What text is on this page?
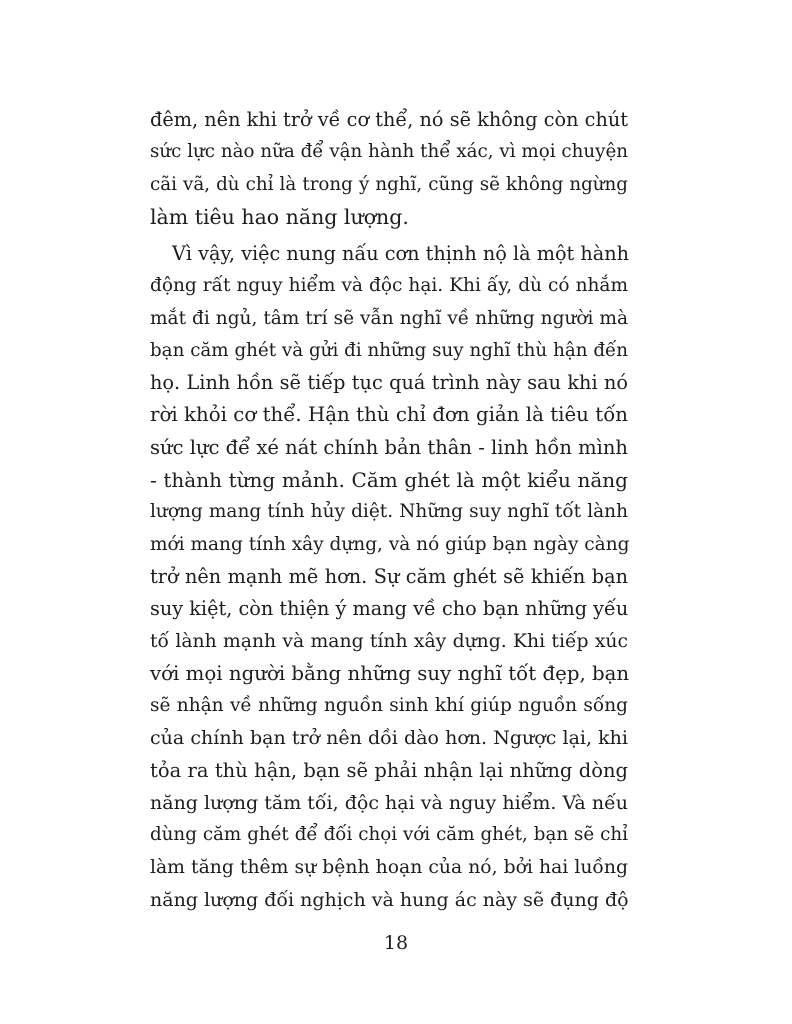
đêm, nên khi trở về cơ thể, nó sẽ không còn chút
sức lực nào nữa để vận hành thể xác, vì mọi chuyện
cãi vã, dù chỉ là trong ý nghĩ, cũng sẽ không ngừng
làm tiêu hao năng lượng.
Vì vậy, việc nung nấu cơn thịnh nộ là một hành
động rất nguy hiểm và độc hại. Khi ấy, dù có nhắm
mắt đi ngủ, tâm trí sẽ vẫn nghĩ về những người mà
bạn căm ghét và gửi đi những suy nghĩ thù hận đến
họ. Linh hồn sẽ tiếp tục quá trình này sau khi nó
rời khỏi cơ thể. Hận thù chỉ đơn giản là tiêu tốn
sức lực để xé nát chính bản thân - linh hồn mình
- thành từng mảnh. Căm ghét là một kiểu năng
lượng mang tính hủy diệt. Những suy nghĩ tốt lành
mới mang tính xây dựng, và nó giúp bạn ngày càng
trở nên mạnh mẽ hơn. Sự căm ghét sẽ khiến bạn
suy kiệt, còn thiện ý mang về cho bạn những yếu
tố lành mạnh và mang tính xây dựng. Khi tiếp xúc
với mọi người bằng những suy nghĩ tốt đẹp, bạn
sẽ nhận về những nguồn sinh khí giúp nguồn sống
của chính bạn trở nên dồi dào hơn. Ngược lại, khi
tỏa ra thù hận, bạn sẽ phải nhận lại những dòng
năng lượng tăm tối, độc hại và nguy hiểm. Và nếu
dùng căm ghét để đối chọi với căm ghét, bạn sẽ chỉ
làm tăng thêm sự bệnh hoạn của nó, bởi hai luồng
năng lượng đối nghịch và hung ác này sẽ đụng độ
18
